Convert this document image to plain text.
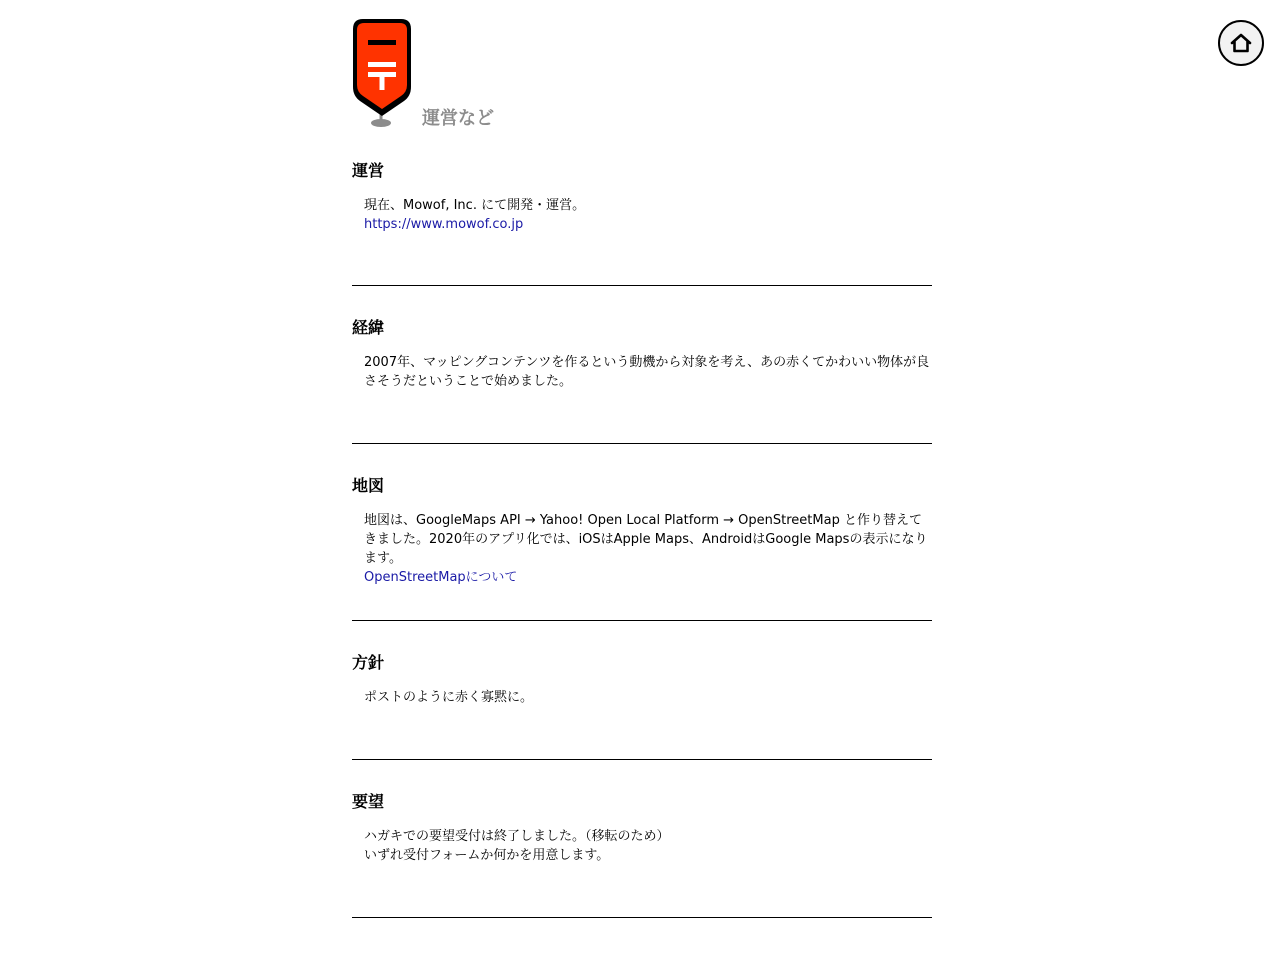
運営など
運営

現在、Mowof, Inc. にて開発・運営。

https://www.mowof.co.jp
経緯

2007年、マッピングコンテンツを作るという動機から対象を考え、あの赤くてかわいい物体が良さそうだということで始めました。

地図

地図は、GoogleMaps API → Yahoo! Open Local Platform → OpenStreetMap と作り替えてきました。2020年のアプリ化では、iOSはApple Maps、AndroidはGoogle Mapsの表示になります。

OpenStreetMapについて
方針

ポストのように赤く寡黙に。

要望

ハガキでの要望受付は終了しました。（移転のため）

いずれ受付フォームか何かを用意します。
